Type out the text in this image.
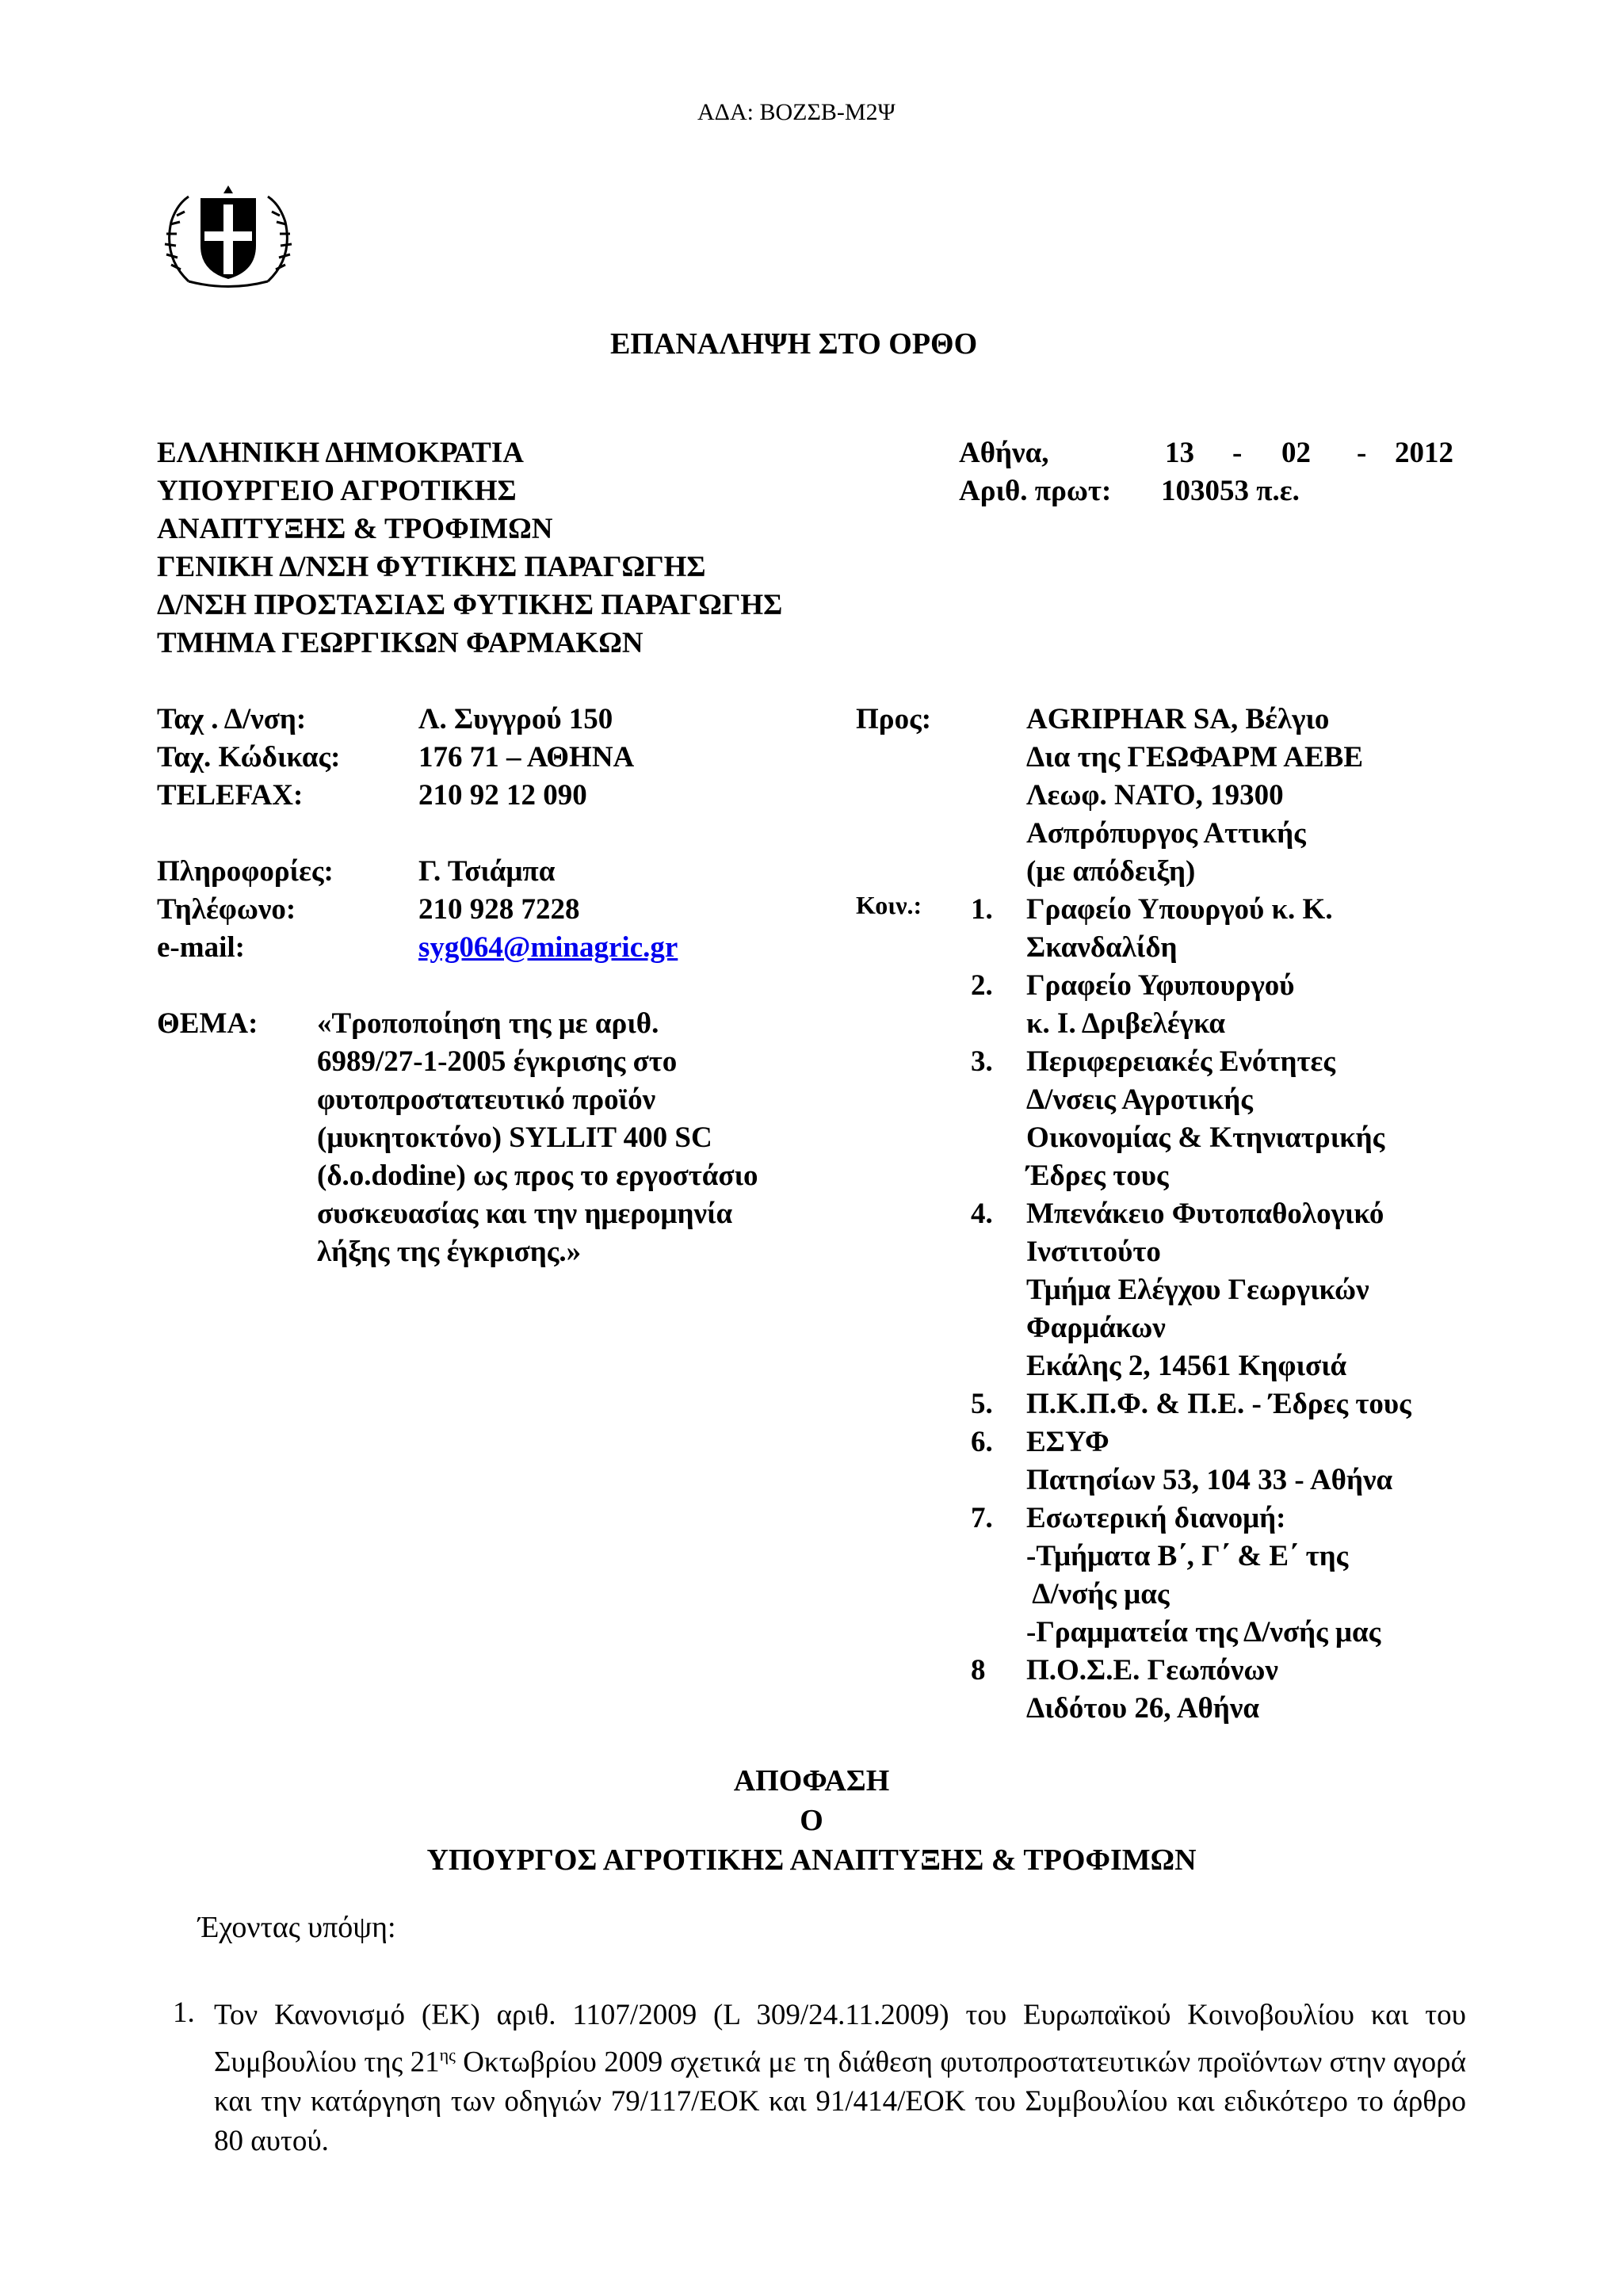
ΑΔΑ: ΒΟΖΣΒ-Μ2Ψ
ΕΠΑΝΑΛΗΨΗ ΣΤΟ ΟΡΘΟ
ΕΛΛΗΝΙΚΗ ΔΗΜΟΚΡΑΤΙΑ
ΥΠΟΥΡΓΕΙΟ ΑΓΡΟΤΙΚΗΣ
ΑΝΑΠΤΥΞΗΣ & ΤΡΟΦΙΜΩΝ
ΓΕΝΙΚΗ Δ/ΝΣΗ ΦΥΤΙΚΗΣ ΠΑΡΑΓΩΓΗΣ
Δ/ΝΣΗ ΠΡΟΣΤΑΣΙΑΣ ΦΥΤΙΚΗΣ ΠΑΡΑΓΩΓΗΣ
ΤΜΗΜΑ ΓΕΩΡΓΙΚΩΝ ΦΑΡΜΑΚΩΝ
Αθήνα,	13 - 02 - 2012
Αριθ. πρωτ: 103053 π.ε.
Ταχ . Δ/νση:	Λ. Συγγρού 150
Ταχ. Κώδικας:	176 71 – ΑΘΗΝΑ
TELEFAX:	210 92 12 090
Πληροφορίες:	Γ. Τσιάμπα
Τηλέφωνο:	210 928 7228
e-mail:	syg064@minagric.gr
Προς:	AGRIPHAR SA, Βέλγιο
Δια της ΓΕΩΦΑΡΜ ΑΕΒΕ
Λεωφ. ΝΑΤΟ, 19300
Ασπρόπυργος Αττικής
(με απόδειξη)
Κοιν.: 1. Γραφείο Υπουργού κ. Κ.
Σκανδαλίδη
2. Γραφείο Υφυπουργού
κ. Ι. Δριβελέγκα
3. Περιφερειακές Ενότητες
Δ/νσεις Αγροτικής
Οικονομίας & Κτηνιατρικής
Έδρες τους
4. Μπενάκειο Φυτοπαθολογικό
Ινστιτούτο
Τμήμα Ελέγχου Γεωργικών
Φαρμάκων
Εκάλης 2, 14561 Κηφισιά
5. Π.Κ.Π.Φ. & Π.Ε. - Έδρες τους
6. ΕΣΥΦ
Πατησίων 53, 104 33 - Αθήνα
7. Εσωτερική διανομή:
-Τμήματα Β΄, Γ΄ & Ε΄ της
Δ/νσής μας
-Γραμματεία της Δ/νσής μας
8 Π.Ο.Σ.Ε. Γεωπόνων
Διδότου 26, Αθήνα
ΘΕΜΑ: «Τροποποίηση της με αριθ.
6989/27-1-2005 έγκρισης στο
φυτοπροστατευτικό προϊόν
(μυκητοκτόνο) SYLLIT 400 SC
(δ.ο.dodine) ως προς το εργοστάσιο
συσκευασίας και την ημερομηνία
λήξης της έγκρισης.»
ΑΠΟΦΑΣΗ
Ο
ΥΠΟΥΡΓΟΣ ΑΓΡΟΤΙΚΗΣ ΑΝΑΠΤΥΞΗΣ & ΤΡΟΦΙΜΩΝ
Έχοντας υπόψη:
1. Τον Κανονισμό (ΕΚ) αριθ. 1107/2009 (L 309/24.11.2009) του Ευρωπαϊκού Κοινοβουλίου και του Συμβουλίου της $21^{\eta\varsigma}$ Οκτωβρίου 2009 σχετικά με τη διάθεση φυτοπροστατευτικών προϊόντων στην αγορά και την κατάργηση των οδηγιών 79/117/ΕΟΚ και 91/414/ΕΟΚ του Συμβουλίου και ειδικότερο το άρθρο 80 αυτού.
